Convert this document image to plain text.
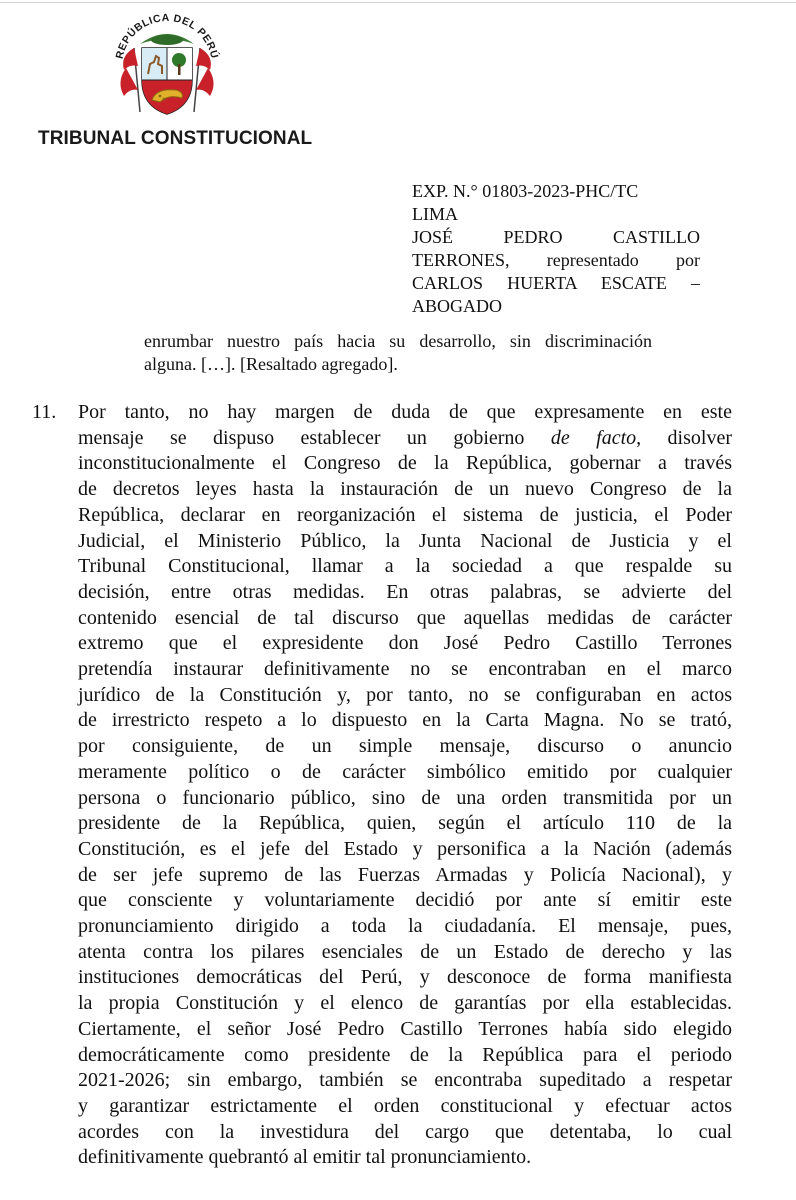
REPÚBLICA DEL PERÚ
TRIBUNAL CONSTITUCIONAL
EXP. N.° 01803-2023-PHC/TC
LIMA
JOSÉ PEDRO CASTILLO
TERRONES, representado por
CARLOS HUERTA ESCATE –
ABOGADO
enrumbar nuestro país hacia su desarrollo, sin discriminación
alguna. […]. [Resaltado agregado].
11. Por tanto, no hay margen de duda de que expresamente en este
mensaje se dispuso establecer un gobierno de facto, disolver
inconstitucionalmente el Congreso de la República, gobernar a través
de decretos leyes hasta la instauración de un nuevo Congreso de la
República, declarar en reorganización el sistema de justicia, el Poder
Judicial, el Ministerio Público, la Junta Nacional de Justicia y el
Tribunal Constitucional, llamar a la sociedad a que respalde su
decisión, entre otras medidas. En otras palabras, se advierte del
contenido esencial de tal discurso que aquellas medidas de carácter
extremo que el expresidente don José Pedro Castillo Terrones
pretendía instaurar definitivamente no se encontraban en el marco
jurídico de la Constitución y, por tanto, no se configuraban en actos
de irrestricto respeto a lo dispuesto en la Carta Magna. No se trató,
por consiguiente, de un simple mensaje, discurso o anuncio
meramente político o de carácter simbólico emitido por cualquier
persona o funcionario público, sino de una orden transmitida por un
presidente de la República, quien, según el artículo 110 de la
Constitución, es el jefe del Estado y personifica a la Nación (además
de ser jefe supremo de las Fuerzas Armadas y Policía Nacional), y
que consciente y voluntariamente decidió por ante sí emitir este
pronunciamiento dirigido a toda la ciudadanía. El mensaje, pues,
atenta contra los pilares esenciales de un Estado de derecho y las
instituciones democráticas del Perú, y desconoce de forma manifiesta
la propia Constitución y el elenco de garantías por ella establecidas.
Ciertamente, el señor José Pedro Castillo Terrones había sido elegido
democráticamente como presidente de la República para el periodo
2021-2026; sin embargo, también se encontraba supeditado a respetar
y garantizar estrictamente el orden constitucional y efectuar actos
acordes con la investidura del cargo que detentaba, lo cual
definitivamente quebrantó al emitir tal pronunciamiento.
